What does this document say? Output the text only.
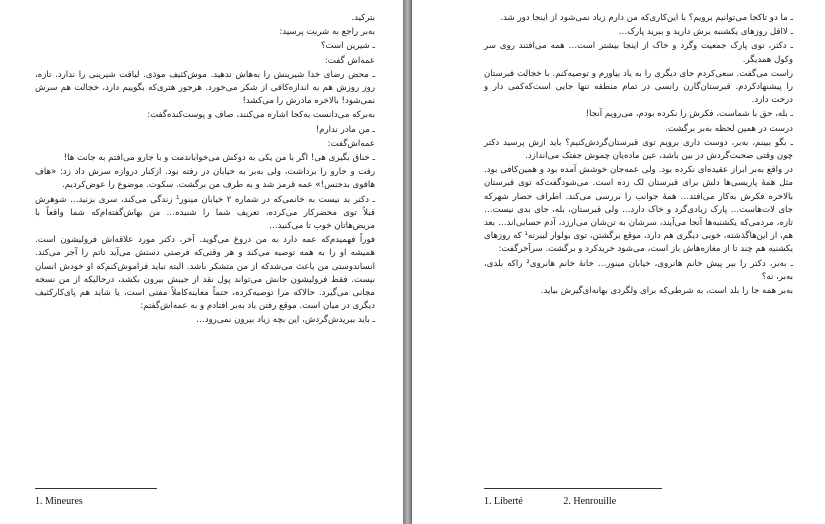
بترکید.

به‌بر راجع به شربت پرسید:

ـ شیرین است؟

عمه‌اش گفت:

ـ محض رضای خدا شیرینش را به‌هاش ندهید. موش‌کثیف موذی. لیاقت شیرینی را ندارد. تازه، روز روزش هم به اندازه‌کافی از شکر می‌خورد. هرجور هتری‌که بگوییم دارد، خجالت هم سرش نمی‌شود! بالاخره مادرش را می‌کشد!

به‌برکه می‌دانست به‌کجا اشاره می‌کنند، صاف و پوست‌کنده‌گفت:

ـ من مادر ندارم!

عمه‌اش‌گفت:

ـ خناق بگیری هی! اگر با من یکی به دوکش می‌خواباندمت و با جارو می‌افتم به جانت ها!

رفت و جارو را برداشت، ولی به‌بر به خیابان در رفته بود. از‌کنار دروازه سرش داد زد: «هاف هافوی بدجنس!» عمه قرمز شد و به طرف من برگشت. سکوت. موضوع را عوض‌کردیم.

ـ دکتر بد نیست به خانمی‌که در شماره ۲ خیابان مینور¹ زندگی می‌کند، سری بزنید… شوهرش قبلاً توی محضر‌کار می‌کرده، تعریف شما را شنیده… من بهاش‌گفته‌ام‌که شما واقعاً با مریض‌هاتان خوب تا می‌کنید…

فوراً فهمیدم‌که عمه دارد به من دروغ می‌گوید. آخر، دکتر مورد علاقه‌اش فرولیشون است. همیشه او را به همه توصیه می‌کند و هر وقتی‌که فرصتی دستش می‌آید تا‌تم را آجر می‌کند. انساندوستی من باعث می‌شد‌که از من متشکر باشد. البته تباید فراموش‌کنم‌که او خودش انسان نیست. فقط فرولیشون جانش می‌تواند پول نقد از جیبش بیرون بکشد، درحالیکه از من نسخه مجانی می‌گیرد. حالاکه مرا توصیه‌کرده، حتماً معاینه‌کاملاً مفتی است، یا شاید هم پای‌کارکثیف دیگری در میان است. موقع رفتن باد به‌بر افتادم و به عمه‌اش‌گفتم:

ـ باید ببریدش‌گردش، این بچه زیاد بیرون نمی‌رود…

1. Mineures

ـ ما دو تاکجا می‌توانیم برویم؟ با این‌کاری‌که من دارم زیاد نمی‌شود از اینجا دور شد.

ـ لااقل روزهای یکشنبه برش دارید و ببرید پارک…

ـ دکتر، توی پارک جمعیت وگرد و خاک از اینجا بیشتر است… همه می‌افتند روی سر وکول همدیگر.

راست می‌گفت. سعی‌کردم جای دیگری را به یاد بیاورم و توصیه‌کنم. با خجالت قبرستان را پیشنهادکردم. قبرستان‌گارن رانسی در تمام منطقه تنها جایی است‌که‌کمی دار و درخت دارد.

ـ بله، حق با شماست، فکرش را نکرده بودم، می‌رویم آنجا!

درست در همین لحظه به‌بر برگشت.

ـ بگو ببینم، به‌بر، دوست داری برویم توی قبرستان‌گردش‌کنیم؟ باید ازش پرسید دکتر چون وقتی صحبت‌گردش در بین باشد، عین ماده‌یان چموش جفتک می‌اندازد.

در واقع به‌بر ابراز عقیده‌ای نکرده بود. ولی عمه‌جان خوشش آمده بود و همین‌کافی بود. مثل همهٔ پاریسی‌ها دلش برای قبرستان لک زده است. می‌شودگفت‌که توی قبرستان بالاخره فکرش به‌کار می‌افتد… همهٔ جوانب را بررسی می‌کند. اطراف حصار شهرکه جای لات‌هاست… پارک زیادی‌گرد و خاک دارد… ولی قبرستان، بله، جای بدی نیست… تازه، مردمی‌که یکشنبه‌ها آنجا می‌آیند، سرشان به تن‌شان می‌ارزد، آدم حسابی‌اند… بعد هم، از این‌ها‌گذشته، خوبی دیگری هم دارد، موقع برگشتن، توی بولوار لیبرته¹ که روزهای یکشنبه هم چند تا از مغازه‌هاش باز است، می‌شود خریدکرد و برگشت. سرآخرگفت:

ـ به‌بر، دکتر را ببر پیش خانم هانروی، خیابان مینور… خانهٔ خانم هانروی² راکه بلدی، به‌بر، نه؟

به‌بر همه جا را بلد است، به شرطی‌که برای ولگردی بهانه‌ای‌گیرش بیاید.

1. Liberté	2. Henrouille
